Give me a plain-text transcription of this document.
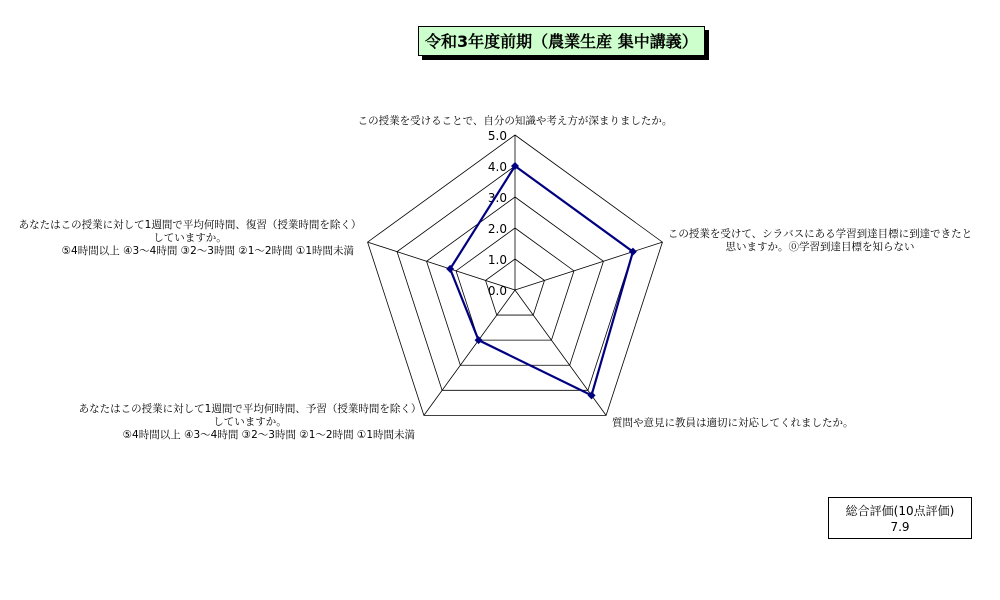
令和3年度前期（農業生産 集中講義）
0.0
1.0
2.0
3.0
4.0
5.0
この授業を受けることで、自分の知識や考え方が深まりましたか。
この授業を受けて、シラバスにある学習到達目標に到達できたと
思いますか。⓪学習到達目標を知らない
質問や意見に教員は適切に対応してくれましたか。
あなたはこの授業に対して1週間で平均何時間、予習（授業時間を除く）
していますか。
⑤4時間以上 ④3～4時間 ③2～3時間 ②1～2時間 ①1時間未満
あなたはこの授業に対して1週間で平均何時間、復習（授業時間を除く）
していますか。
⑤4時間以上 ④3～4時間 ③2～3時間 ②1～2時間 ①1時間未満
総合評価(10点評価)
7.9
